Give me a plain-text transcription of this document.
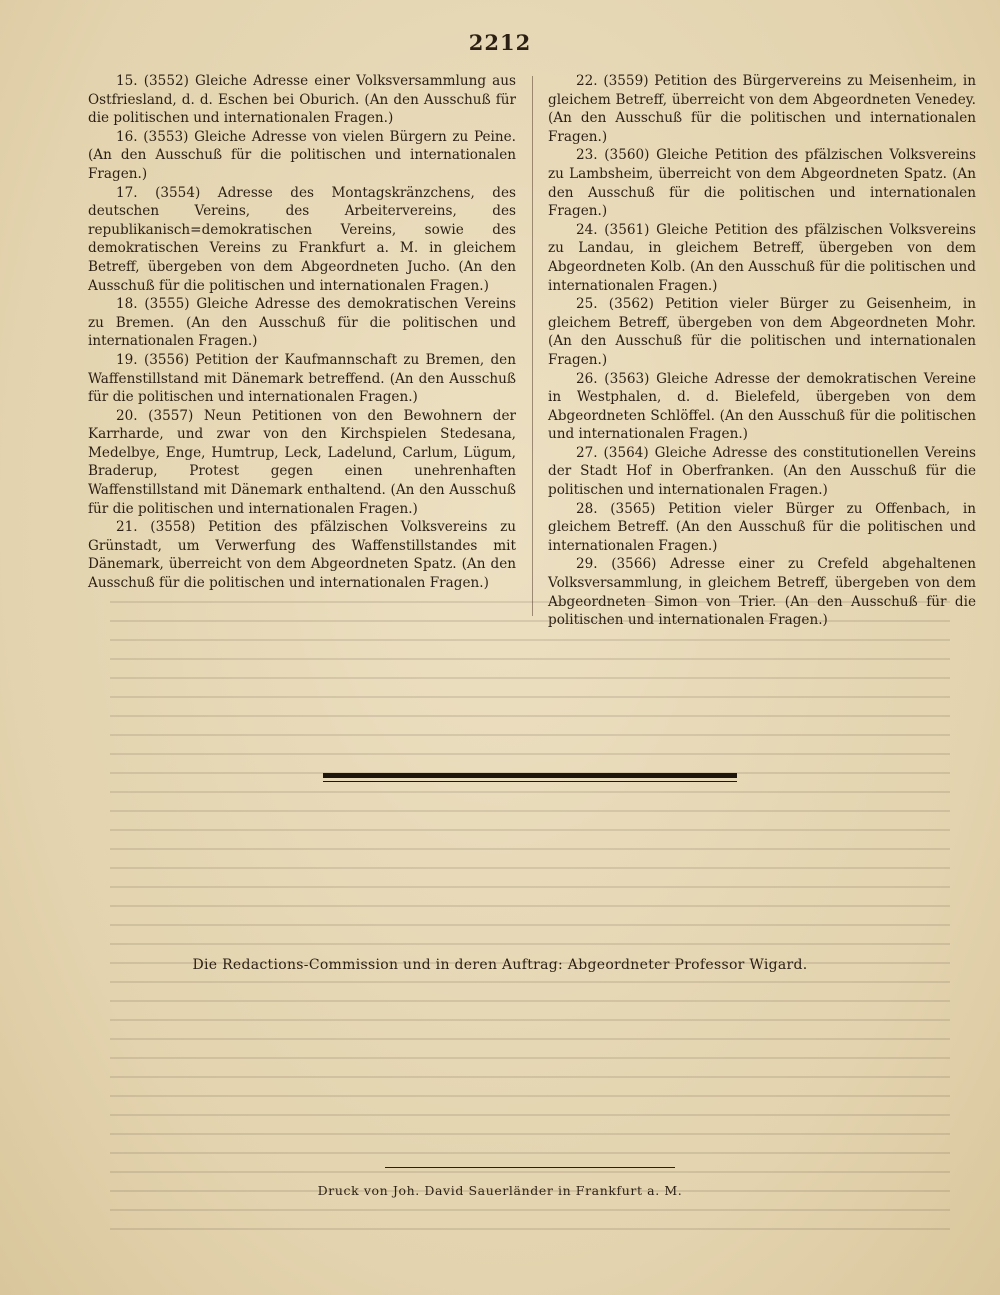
2212

15. (3552) Gleiche Adresse einer Volksversammlung aus Ostfriesland, d. d. Eschen bei Oburich. (An den Ausschuß für die politischen und internationalen Fragen.)

16. (3553) Gleiche Adresse von vielen Bürgern zu Peine. (An den Ausschuß für die politischen und internationalen Fragen.)

17. (3554) Adresse des Montagskränzchens, des deutschen Vereins, des Arbeitervereins, des republikanisch=demokratischen Vereins, sowie des demokratischen Vereins zu Frankfurt a. M. in gleichem Betreff, übergeben von dem Abgeordneten Jucho. (An den Ausschuß für die politischen und internationalen Fragen.)

18. (3555) Gleiche Adresse des demokratischen Vereins zu Bremen. (An den Ausschuß für die politischen und internationalen Fragen.)

19. (3556) Petition der Kaufmannschaft zu Bremen, den Waffenstillstand mit Dänemark betreffend. (An den Ausschuß für die politischen und internationalen Fragen.)

20. (3557) Neun Petitionen von den Bewohnern der Karrharde, und zwar von den Kirchspielen Stedesana, Medelbye, Enge, Humtrup, Leck, Ladelund, Carlum, Lügum, Braderup, Protest gegen einen unehrenhaften Waffenstillstand mit Dänemark enthaltend. (An den Ausschuß für die politischen und internationalen Fragen.)

21. (3558) Petition des pfälzischen Volksvereins zu Grünstadt, um Verwerfung des Waffenstillstandes mit Dänemark, überreicht von dem Abgeordneten Spatz. (An den Ausschuß für die politischen und internationalen Fragen.)

22. (3559) Petition des Bürgervereins zu Meisenheim, in gleichem Betreff, überreicht von dem Abgeordneten Venedey. (An den Ausschuß für die politischen und internationalen Fragen.)

23. (3560) Gleiche Petition des pfälzischen Volksvereins zu Lambsheim, überreicht von dem Abgeordneten Spatz. (An den Ausschuß für die politischen und internationalen Fragen.)

24. (3561) Gleiche Petition des pfälzischen Volksvereins zu Landau, in gleichem Betreff, übergeben von dem Abgeordneten Kolb. (An den Ausschuß für die politischen und internationalen Fragen.)

25. (3562) Petition vieler Bürger zu Geisenheim, in gleichem Betreff, übergeben von dem Abgeordneten Mohr. (An den Ausschuß für die politischen und internationalen Fragen.)

26. (3563) Gleiche Adresse der demokratischen Vereine in Westphalen, d. d. Bielefeld, übergeben von dem Abgeordneten Schlöffel. (An den Ausschuß für die politischen und internationalen Fragen.)

27. (3564) Gleiche Adresse des constitutionellen Vereins der Stadt Hof in Oberfranken. (An den Ausschuß für die politischen und internationalen Fragen.)

28. (3565) Petition vieler Bürger zu Offenbach, in gleichem Betreff. (An den Ausschuß für die politischen und internationalen Fragen.)

29. (3566) Adresse einer zu Crefeld abgehaltenen Volksversammlung, in gleichem Betreff, übergeben von dem Abgeordneten Simon von Trier. (An den Ausschuß für die politischen und internationalen Fragen.)

Die Redactions-Commission und in deren Auftrag: Abgeordneter Professor Wigard.
Druck von Joh. David Sauerländer in Frankfurt a. M.
